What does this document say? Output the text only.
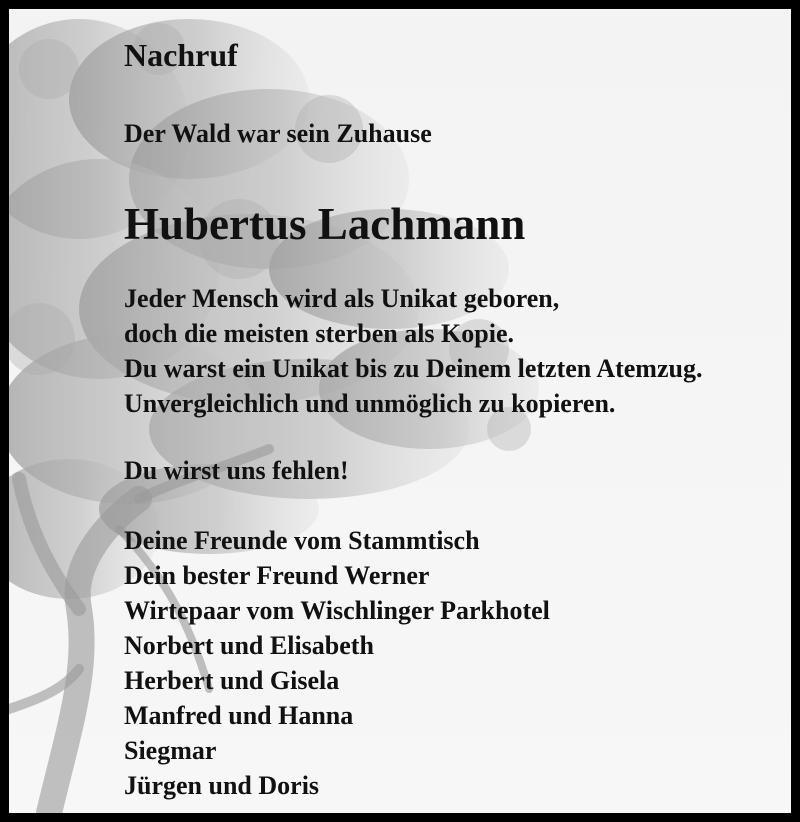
Nachruf
Der Wald war sein Zuhause
Hubertus Lachmann
Jeder Mensch wird als Unikat geboren,
doch die meisten sterben als Kopie.
Du warst ein Unikat bis zu Deinem letzten Atemzug.
Unvergleichlich und unmöglich zu kopieren.
Du wirst uns fehlen!
Deine Freunde vom Stammtisch
Dein bester Freund Werner
Wirtepaar vom Wischlinger Parkhotel
Norbert und Elisabeth
Herbert und Gisela
Manfred und Hanna
Siegmar
Jürgen und Doris
